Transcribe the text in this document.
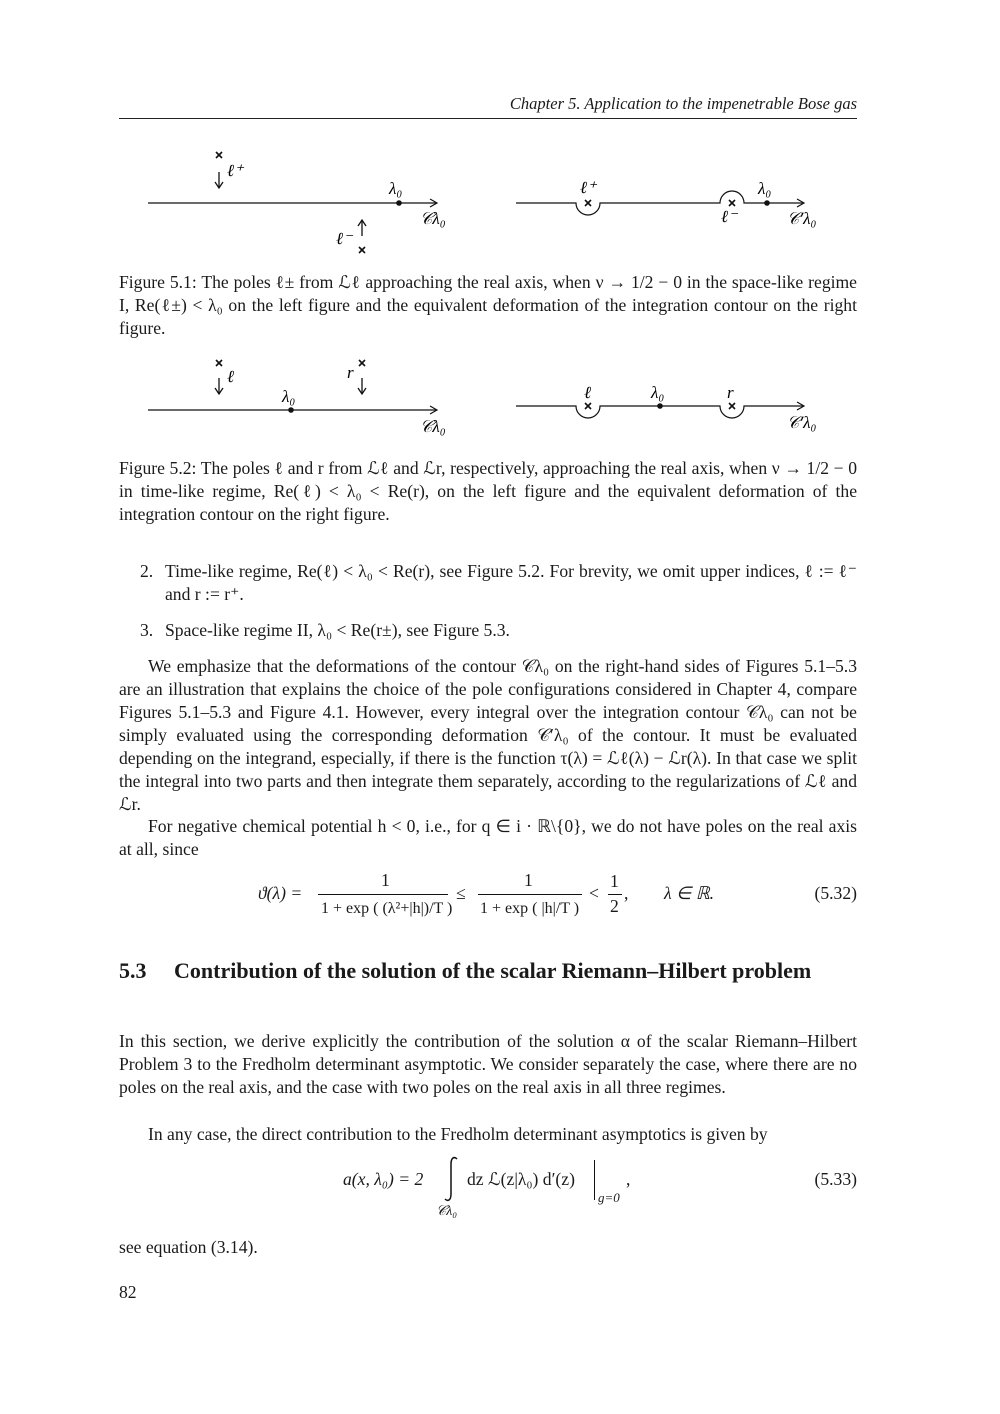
Chapter 5. Application to the impenetrable Bose gas
ℓ⁺
ℓ⁻
λ₀
𝒞λ₀
ℓ⁺
ℓ⁻
λ₀
𝒞′λ₀
Figure 5.1: The poles ℓ± from ℒℓ approaching the real axis, when ν → 1/2 − 0 in the space-like regime I, Re(ℓ±) < λ₀ on the left figure and the equivalent deformation of the integration contour on the right figure.
ℓ	r
λ₀
𝒞λ₀
ℓ	r
λ₀
𝒞′λ₀
Figure 5.2: The poles ℓ and r from ℒℓ and ℒr, respectively, approaching the real axis, when ν → 1/2 − 0 in time-like regime, Re(ℓ) < λ₀ < Re(r), on the left figure and the equivalent deformation of the integration contour on the right figure.
2. Time-like regime, Re(ℓ) < λ₀ < Re(r), see Figure 5.2. For brevity, we omit upper indices, ℓ := ℓ⁻ and r := r⁺.
3. Space-like regime II, λ₀ < Re(r±), see Figure 5.3.
We emphasize that the deformations of the contour 𝒞λ₀ on the right-hand sides of Figures 5.1–5.3 are an illustration that explains the choice of the pole configurations considered in Chapter 4, compare Figures 5.1–5.3 and Figure 4.1. However, every integral over the integration contour 𝒞λ₀ can not be simply evaluated using the corresponding deformation 𝒞′λ₀ of the contour. It must be evaluated depending on the integrand, especially, if there is the function τ(λ) = ℒℓ(λ) − ℒr(λ). In that case we split the integral into two parts and then integrate them separately, according to the regularizations of ℒℓ and ℒr.
For negative chemical potential h < 0, i.e., for q ∈ i · ℝ\{0}, we do not have poles on the real axis at all, since
ϑ(λ) =
1
1 + exp ( (λ²+|h|)/T )
≤
1
1 + exp ( |h|/T )
<
1
2
, λ ∈ ℝ.	(5.32)
5.3 Contribution of the solution of the scalar Riemann–Hilbert problem
In this section, we derive explicitly the contribution of the solution α of the scalar Riemann–Hilbert Problem 3 to the Fredholm determinant asymptotic. We consider separately the case, where there are no poles on the real axis, and the case with two poles on the real axis in all three regimes.
In any case, the direct contribution to the Fredholm determinant asymptotics is given by
a(x, λ₀) = 2 dz ℒ(z|λ₀) d′(z)
g=0
,
𝒞λ₀
(5.33)
see equation (3.14).
82
